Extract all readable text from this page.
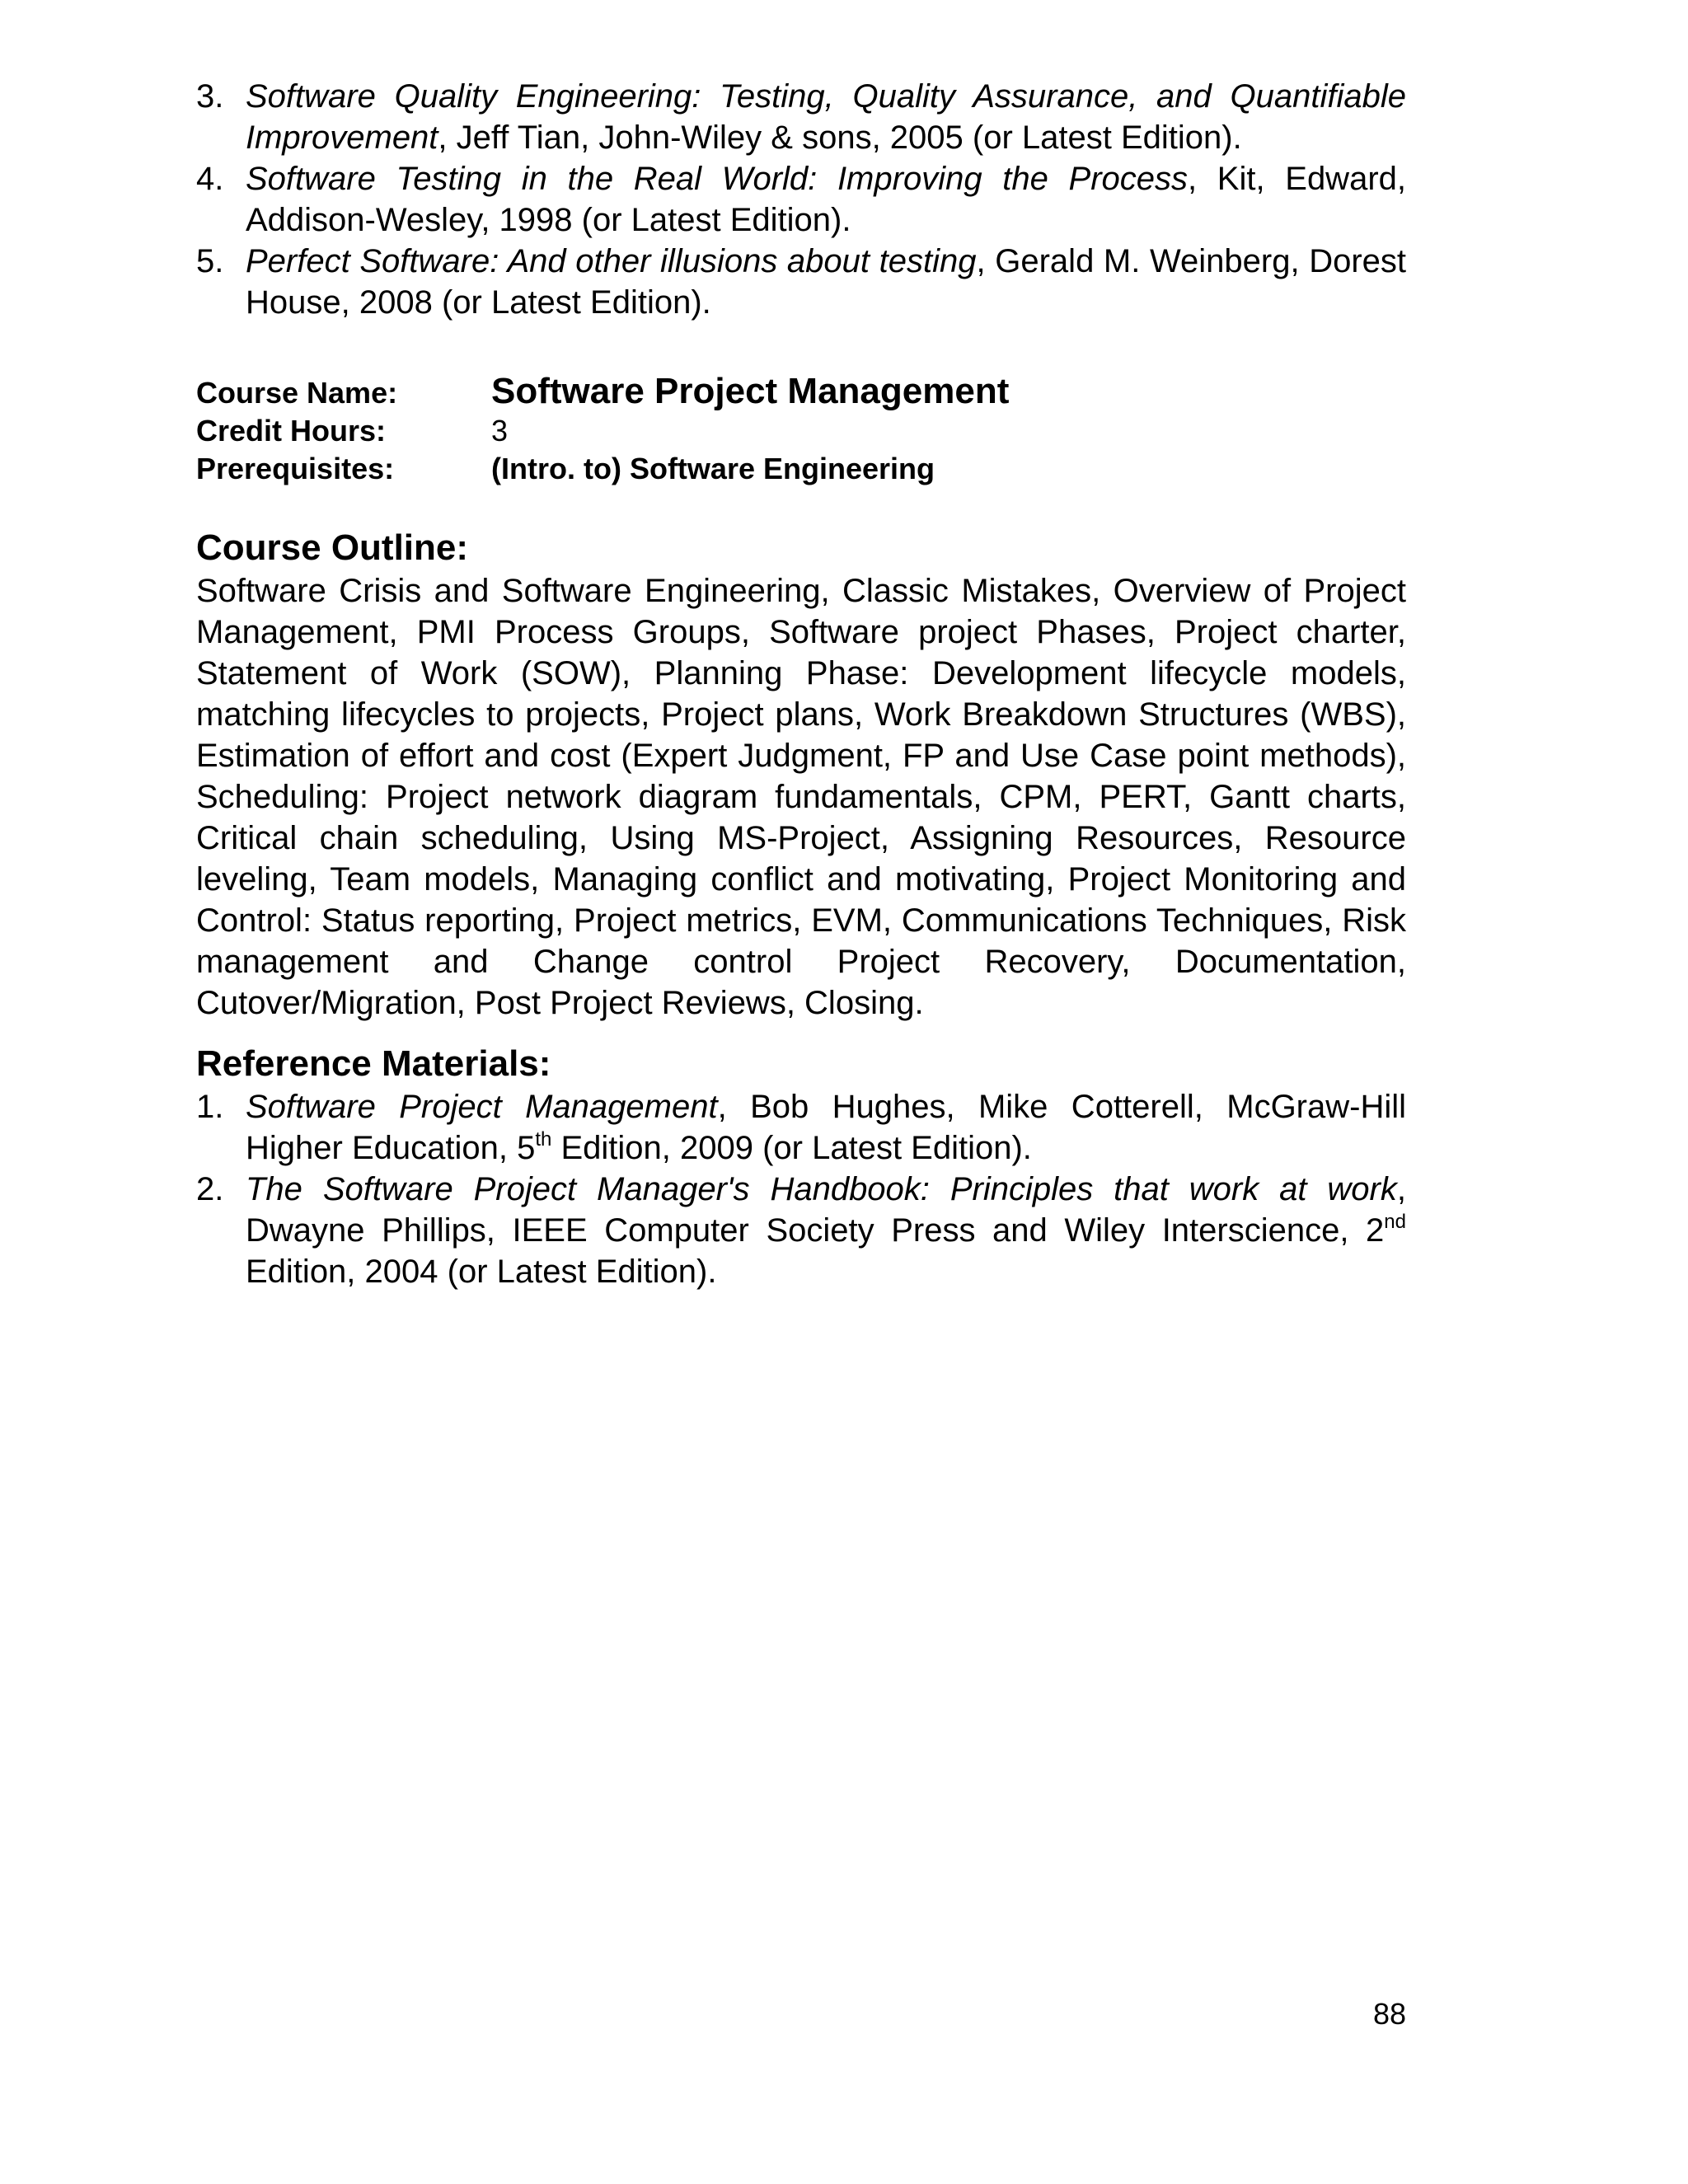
3. Software Quality Engineering: Testing, Quality Assurance, and Quantifiable Improvement, Jeff Tian, John-Wiley & sons, 2005 (or Latest Edition).
4. Software Testing in the Real World: Improving the Process, Kit, Edward, Addison-Wesley, 1998 (or Latest Edition).
5. Perfect Software: And other illusions about testing, Gerald M. Weinberg, Dorest House, 2008 (or Latest Edition).
Course Name:	Software Project Management
Credit Hours:	3
Prerequisites:	(Intro. to) Software Engineering
Course Outline:

Software Crisis and Software Engineering, Classic Mistakes, Overview of Project Management, PMI Process Groups, Software project Phases, Project charter, Statement of Work (SOW), Planning Phase: Development lifecycle models, matching lifecycles to projects, Project plans, Work Breakdown Structures (WBS), Estimation of effort and cost (Expert Judgment, FP and Use Case point methods), Scheduling: Project network diagram fundamentals, CPM, PERT, Gantt charts, Critical chain scheduling, Using MS-Project, Assigning Resources, Resource leveling, Team models, Managing conflict and motivating, Project Monitoring and Control: Status reporting, Project metrics, EVM, Communications Techniques, Risk management and Change control Project Recovery, Documentation, Cutover/Migration, Post Project Reviews, Closing.

Reference Materials:
1. Software Project Management, Bob Hughes, Mike Cotterell, McGraw-Hill Higher Education, 5th Edition, 2009 (or Latest Edition).
2. The Software Project Manager's Handbook: Principles that work at work, Dwayne Phillips, IEEE Computer Society Press and Wiley Interscience, 2nd Edition, 2004 (or Latest Edition).
88
